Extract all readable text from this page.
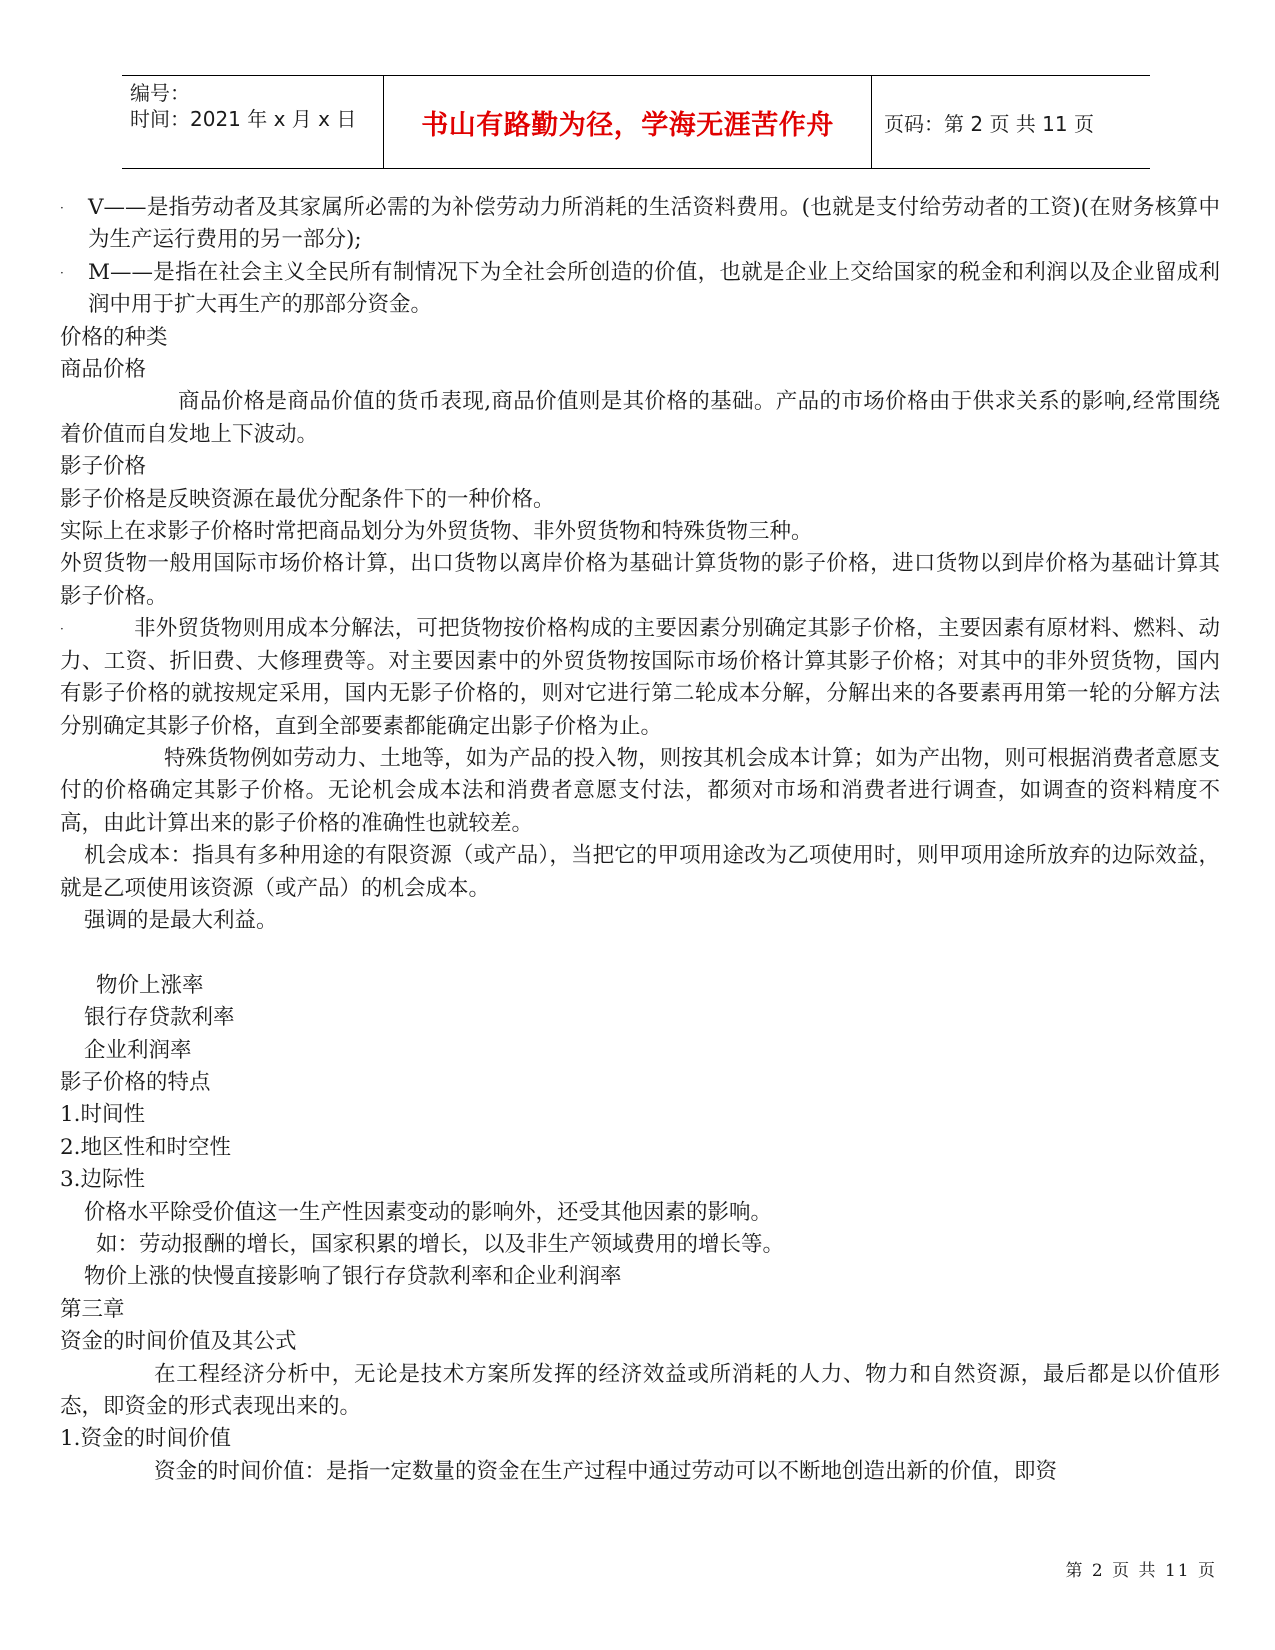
编号：
时间：2021 年 x 月 x 日	书山有路勤为径，学海无涯苦作舟	页码：第 2 页 共 11 页

· V——是指劳动者及其家属所必需的为补偿劳动力所消耗的生活资料费用。(也就是支付给劳动者的工资)(在财务核算中为生产运行费用的另一部分);

· M——是指在社会主义全民所有制情况下为全社会所创造的价值，也就是企业上交给国家的税金和利润以及企业留成利润中用于扩大再生产的那部分资金。

价格的种类

商品价格

商品价格是商品价值的货币表现,商品价值则是其价格的基础。产品的市场价格由于供求关系的影响,经常围绕着价值而自发地上下波动。

影子价格

影子价格是反映资源在最优分配条件下的一种价格。

实际上在求影子价格时常把商品划分为外贸货物、非外贸货物和特殊货物三种。

外贸货物一般用国际市场价格计算，出口货物以离岸价格为基础计算货物的影子价格，进口货物以到岸价格为基础计算其影子价格。

·	非外贸货物则用成本分解法，可把货物按价格构成的主要因素分别确定其影子价格，主要因素有原材料、燃料、动力、工资、折旧费、大修理费等。对主要因素中的外贸货物按国际市场价格计算其影子价格；对其中的非外贸货物，国内有影子价格的就按规定采用，国内无影子价格的，则对它进行第二轮成本分解，分解出来的各要素再用第一轮的分解方法分别确定其影子价格，直到全部要素都能确定出影子价格为止。

特殊货物例如劳动力、土地等，如为产品的投入物，则按其机会成本计算；如为产出物，则可根据消费者意愿支付的价格确定其影子价格。无论机会成本法和消费者意愿支付法，都须对市场和消费者进行调查，如调查的资料精度不高，由此计算出来的影子价格的准确性也就较差。

机会成本：指具有多种用途的有限资源（或产品），当把它的甲项用途改为乙项使用时，则甲项用途所放弃的边际效益，就是乙项使用该资源（或产品）的机会成本。

强调的是最大利益。

物价上涨率

银行存贷款利率

企业利润率

影子价格的特点

1.时间性

2.地区性和时空性

3.边际性

价格水平除受价值这一生产性因素变动的影响外，还受其他因素的影响。

如：劳动报酬的增长，国家积累的增长，以及非生产领域费用的增长等。

物价上涨的快慢直接影响了银行存贷款利率和企业利润率

第三章

资金的时间价值及其公式

在工程经济分析中，无论是技术方案所发挥的经济效益或所消耗的人力、物力和自然资源，最后都是以价值形态，即资金的形式表现出来的。

1.资金的时间价值

资金的时间价值：是指一定数量的资金在生产过程中通过劳动可以不断地创造出新的价值，即资

第 2 页 共 11 页
